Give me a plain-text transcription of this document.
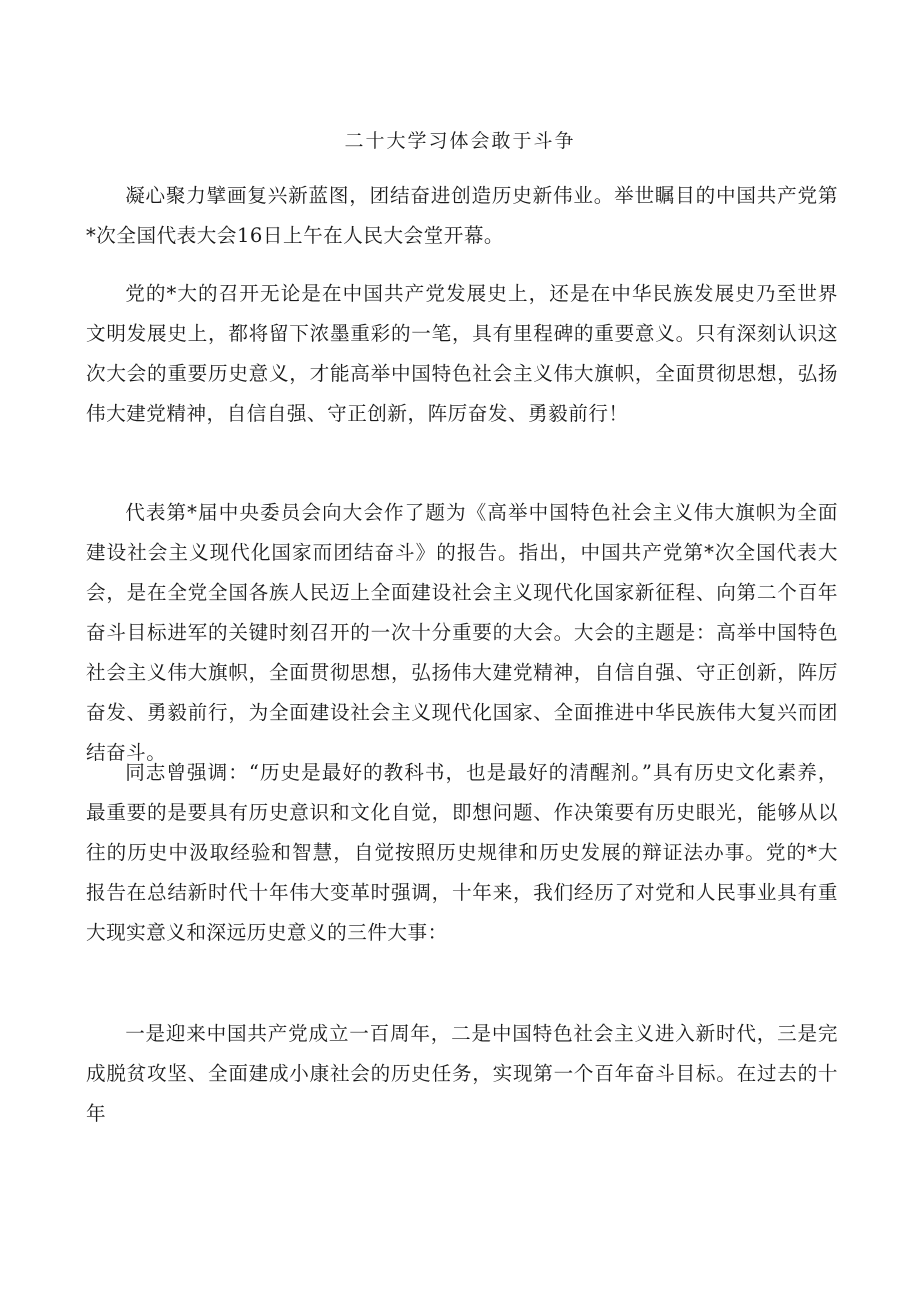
二十大学习体会敢于斗争

凝心聚力擘画复兴新蓝图，团结奋进创造历史新伟业。举世瞩目的中国共产党第*次全国代表大会16日上午在人民大会堂开幕。

党的*大的召开无论是在中国共产党发展史上，还是在中华民族发展史乃至世界文明发展史上，都将留下浓墨重彩的一笔，具有里程碑的重要意义。只有深刻认识这次大会的重要历史意义，才能高举中国特色社会主义伟大旗帜，全面贯彻思想，弘扬伟大建党精神，自信自强、守正创新，阵厉奋发、勇毅前行！

代表第*届中央委员会向大会作了题为《高举中国特色社会主义伟大旗帜为全面建设社会主义现代化国家而团结奋斗》的报告。指出，中国共产党第*次全国代表大会，是在全党全国各族人民迈上全面建设社会主义现代化国家新征程、向第二个百年奋斗目标进军的关键时刻召开的一次十分重要的大会。大会的主题是：高举中国特色社会主义伟大旗帜，全面贯彻思想，弘扬伟大建党精神，自信自强、守正创新，阵厉奋发、勇毅前行，为全面建设社会主义现代化国家、全面推进中华民族伟大复兴而团结奋斗。

同志曾强调：“历史是最好的教科书，也是最好的清醒剂。”具有历史文化素养，最重要的是要具有历史意识和文化自觉，即想问题、作决策要有历史眼光，能够从以往的历史中汲取经验和智慧，自觉按照历史规律和历史发展的辩证法办事。党的*大报告在总结新时代十年伟大变革时强调，十年来，我们经历了对党和人民事业具有重大现实意义和深远历史意义的三件大事：

一是迎来中国共产党成立一百周年，二是中国特色社会主义进入新时代，三是完成脱贫攻坚、全面建成小康社会的历史任务，实现第一个百年奋斗目标。在过去的十年
